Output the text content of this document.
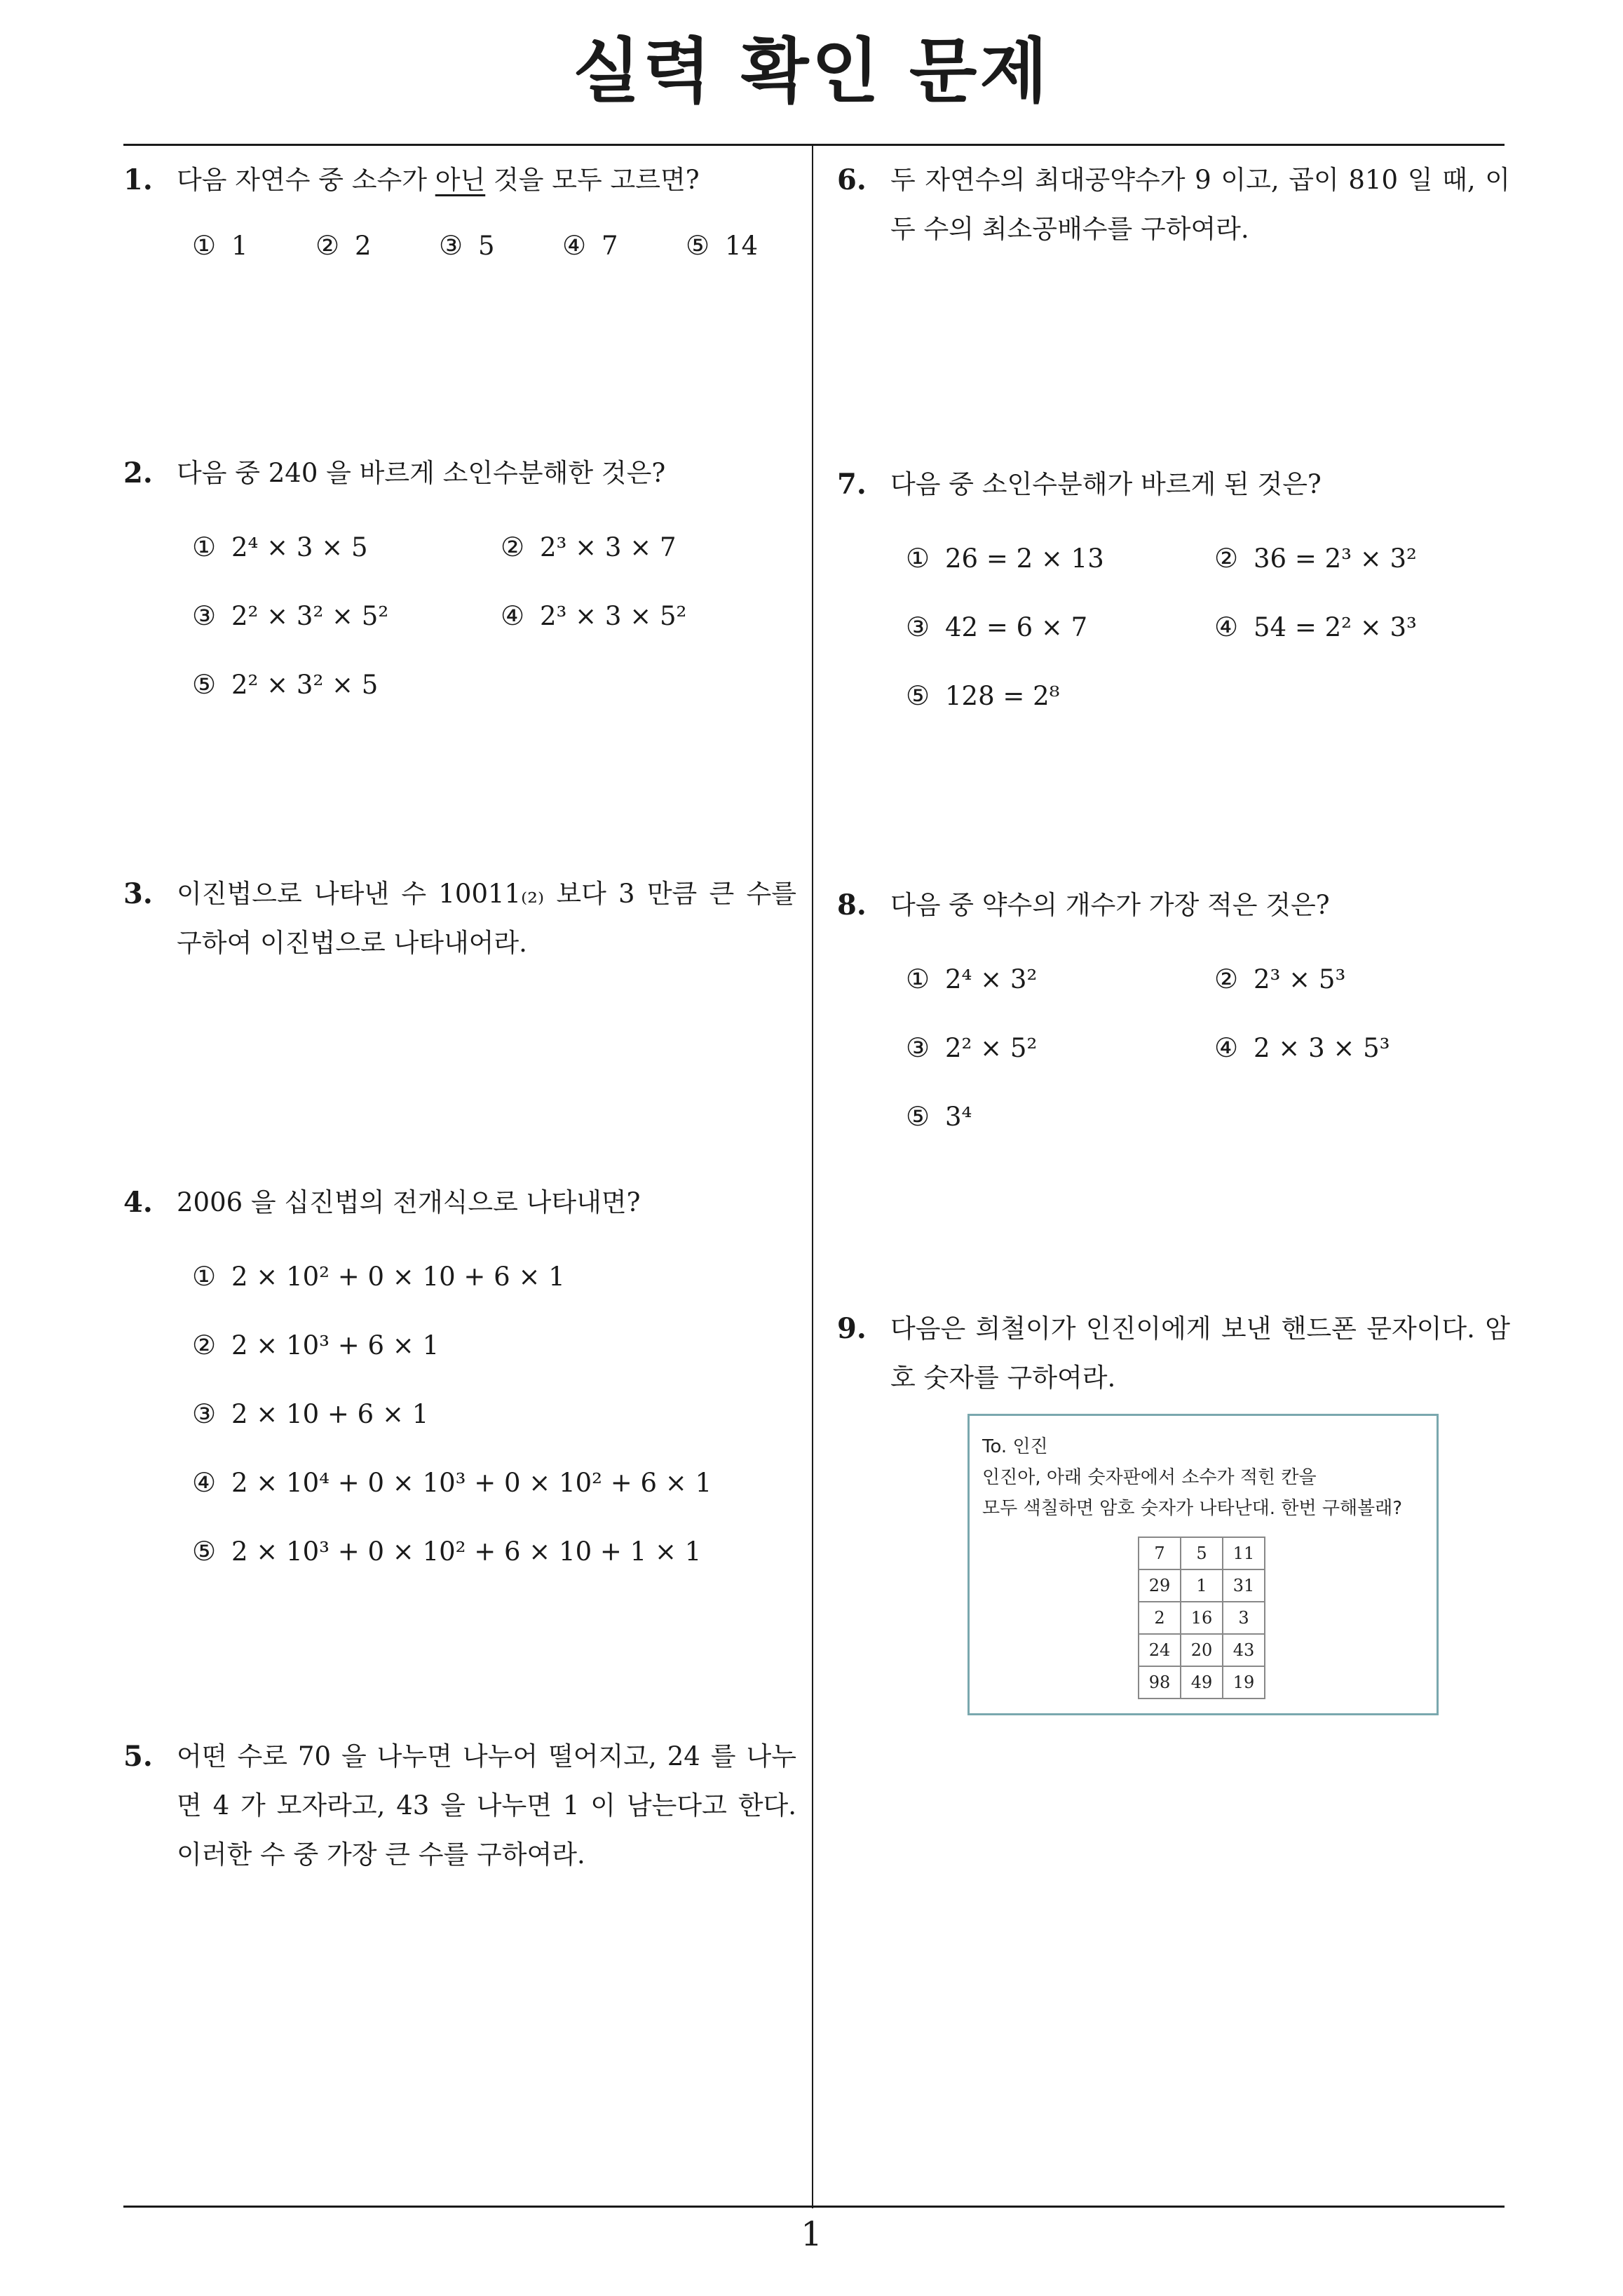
실력 확인 문제
1. 다음 자연수 중 소수가 아닌 것을 모두 고르면?
① 1	② 2	③ 5	④ 7	⑤ 14
2. 다음 중 240 을 바르게 소인수분해한 것은?
① 2⁴ × 3 × 5	② 2³ × 3 × 7
③ 2² × 3² × 5²	④ 2³ × 3 × 5²
⑤ 2² × 3² × 5
3. 이진법으로 나타낸 수 10011₍₂₎ 보다 3 만큼 큰 수를 구하여 이진법으로 나타내어라.
4. 2006 을 십진법의 전개식으로 나타내면?
① 2 × 10² + 0 × 10 + 6 × 1
② 2 × 10³ + 6 × 1
③ 2 × 10 + 6 × 1
④ 2 × 10⁴ + 0 × 10³ + 0 × 10² + 6 × 1
⑤ 2 × 10³ + 0 × 10² + 6 × 10 + 1 × 1
5. 어떤 수로 70 을 나누면 나누어 떨어지고, 24 를 나누면 4 가 모자라고, 43 을 나누면 1 이 남는다고 한다. 이러한 수 중 가장 큰 수를 구하여라.
6. 두 자연수의 최대공약수가 9 이고, 곱이 810 일 때, 이 두 수의 최소공배수를 구하여라.
7. 다음 중 소인수분해가 바르게 된 것은?
① 26 = 2 × 13	② 36 = 2³ × 3²
③ 42 = 6 × 7	④ 54 = 2² × 3³
⑤ 128 = 2⁸
8. 다음 중 약수의 개수가 가장 적은 것은?
① 2⁴ × 3²	② 2³ × 5³
③ 2² × 5²	④ 2 × 3 × 5³
⑤ 3⁴
9. 다음은 희철이가 인진이에게 보낸 핸드폰 문자이다. 암호 숫자를 구하여라.
To. 인진
인진아, 아래 숫자판에서 소수가 적힌 칸을
모두 색칠하면 암호 숫자가 나타난대. 한번 구해볼래?
7	5	11
29	1	31
2	16	3
24	20	43
98	49	19
1
